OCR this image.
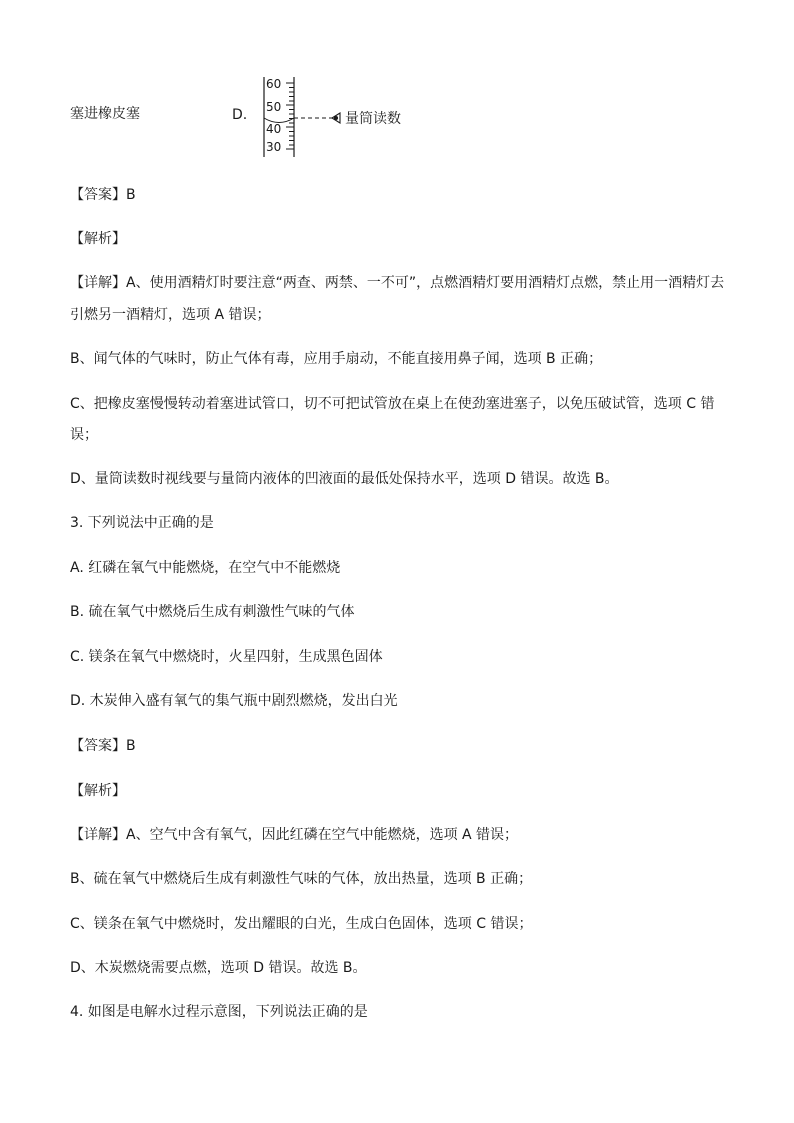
塞进橡皮塞	D.
60
50
40
30
量筒读数
【答案】B
【解析】
【详解】A、使用酒精灯时要注意“两查、两禁、一不可”，点燃酒精灯要用酒精灯点燃，禁止用一酒精灯去
引燃另一酒精灯，选项 A 错误；
B、闻气体的气味时，防止气体有毒，应用手扇动，不能直接用鼻子闻，选项 B 正确；
C、把橡皮塞慢慢转动着塞进试管口，切不可把试管放在桌上在使劲塞进塞子，以免压破试管，选项 C 错
误；
D、量筒读数时视线要与量筒内液体的凹液面的最低处保持水平，选项 D 错误。故选 B。
3. 下列说法中正确的是
A. 红磷在氧气中能燃烧，在空气中不能燃烧
B. 硫在氧气中燃烧后生成有刺激性气味的气体
C. 镁条在氧气中燃烧时，火星四射，生成黑色固体
D. 木炭伸入盛有氧气的集气瓶中剧烈燃烧，发出白光
【答案】B
【解析】
【详解】A、空气中含有氧气，因此红磷在空气中能燃烧，选项 A 错误；
B、硫在氧气中燃烧后生成有刺激性气味的气体，放出热量，选项 B 正确；
C、镁条在氧气中燃烧时，发出耀眼的白光，生成白色固体，选项 C 错误；
D、木炭燃烧需要点燃，选项 D 错误。故选 B。
4. 如图是电解水过程示意图，下列说法正确的是
